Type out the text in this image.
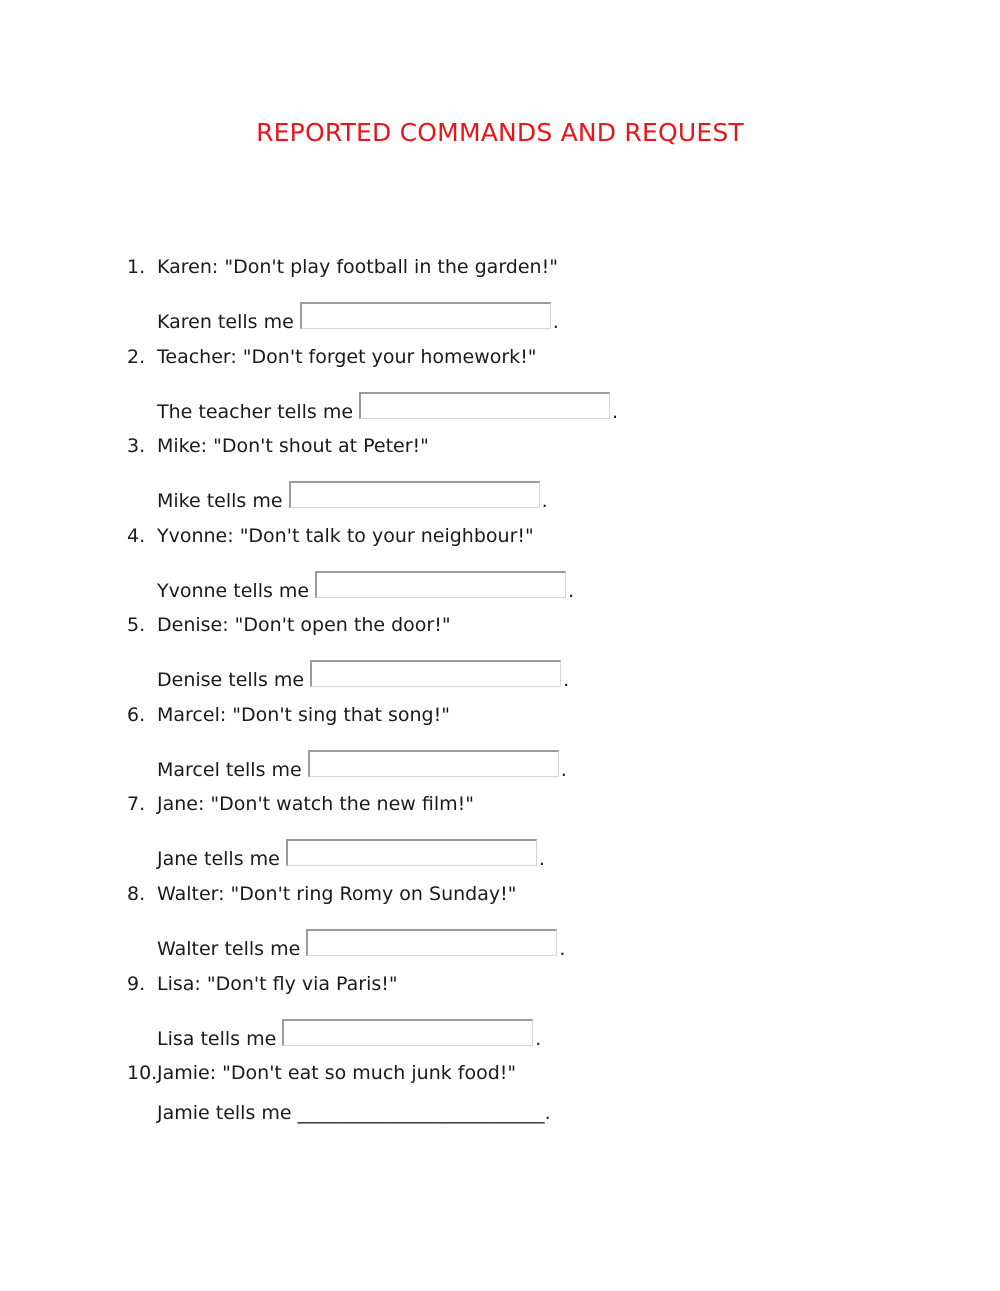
REPORTED COMMANDS AND REQUEST
1. Karen: "Don't play football in the garden!"
Karen tells me	.
2. Teacher: "Don't forget your homework!"
The teacher tells me	.
3. Mike: "Don't shout at Peter!"
Mike tells me	.
4. Yvonne: "Don't talk to your neighbour!"
Yvonne tells me	.
5. Denise: "Don't open the door!"
Denise tells me	.
6. Marcel: "Don't sing that song!"
Marcel tells me	.
7. Jane: "Don't watch the new film!"
Jane tells me	.
8. Walter: "Don't ring Romy on Sunday!"
Walter tells me	.
9. Lisa: "Don't fly via Paris!"
Lisa tells me	.
10. Jamie: "Don't eat so much junk food!"
Jamie tells me __________________________.
